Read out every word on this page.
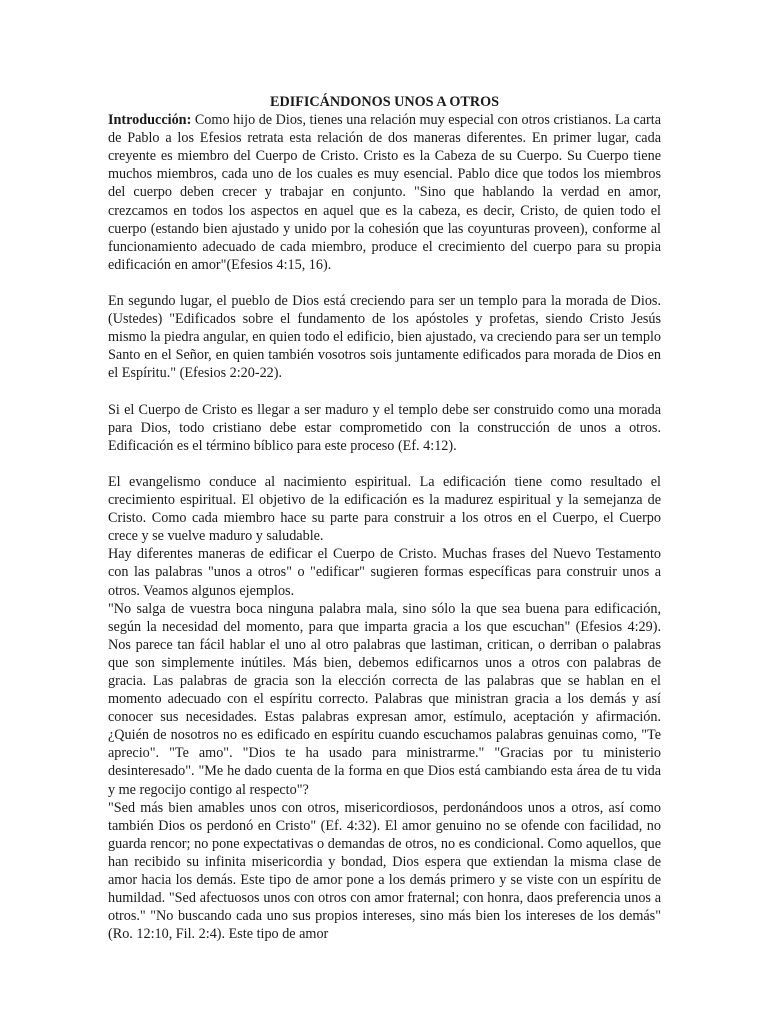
EDIFICÁNDONOS UNOS A OTROS

Introducción: Como hijo de Dios, tienes una relación muy especial con otros cristianos. La carta de Pablo a los Efesios retrata esta relación de dos maneras diferentes. En primer lugar, cada creyente es miembro del Cuerpo de Cristo. Cristo es la Cabeza de su Cuerpo. Su Cuerpo tiene muchos miembros, cada uno de los cuales es muy esencial. Pablo dice que todos los miembros del cuerpo deben crecer y trabajar en conjunto. "Sino que hablando la verdad en amor, crezcamos en todos los aspectos en aquel que es la cabeza, es decir, Cristo, de quien todo el cuerpo (estando bien ajustado y unido por la cohesión que las coyunturas proveen), conforme al funcionamiento adecuado de cada miembro, produce el crecimiento del cuerpo para su propia edificación en amor"(Efesios 4:15, 16).

En segundo lugar, el pueblo de Dios está creciendo para ser un templo para la morada de Dios. (Ustedes) "Edificados sobre el fundamento de los apóstoles y profetas, siendo Cristo Jesús mismo la piedra angular, en quien todo el edificio, bien ajustado, va creciendo para ser un templo Santo en el Señor, en quien también vosotros sois juntamente edificados para morada de Dios en el Espíritu." (Efesios 2:20-22).

Si el Cuerpo de Cristo es llegar a ser maduro y el templo debe ser construido como una morada para Dios, todo cristiano debe estar comprometido con la construcción de unos a otros. Edificación es el término bíblico para este proceso (Ef. 4:12).

El evangelismo conduce al nacimiento espiritual. La edificación tiene como resultado el crecimiento espiritual. El objetivo de la edificación es la madurez espiritual y la semejanza de Cristo. Como cada miembro hace su parte para construir a los otros en el Cuerpo, el Cuerpo crece y se vuelve maduro y saludable.

Hay diferentes maneras de edificar el Cuerpo de Cristo. Muchas frases del Nuevo Testamento con las palabras "unos a otros" o "edificar" sugieren formas específicas para construir unos a otros. Veamos algunos ejemplos.

"No salga de vuestra boca ninguna palabra mala, sino sólo la que sea buena para edificación, según la necesidad del momento, para que imparta gracia a los que escuchan" (Efesios 4:29). Nos parece tan fácil hablar el uno al otro palabras que lastiman, critican, o derriban o palabras que son simplemente inútiles. Más bien, debemos edificarnos unos a otros con palabras de gracia. Las palabras de gracia son la elección correcta de las palabras que se hablan en el momento adecuado con el espíritu correcto. Palabras que ministran gracia a los demás y así conocer sus necesidades. Estas palabras expresan amor, estímulo, aceptación y afirmación. ¿Quién de nosotros no es edificado en espíritu cuando escuchamos palabras genuinas como, "Te aprecio". "Te amo". "Dios te ha usado para ministrarme." "Gracias por tu ministerio desinteresado". "Me he dado cuenta de la forma en que Dios está cambiando esta área de tu vida y me regocijo contigo al respecto"?

"Sed más bien amables unos con otros, misericordiosos, perdonándoos unos a otros, así como también Dios os perdonó en Cristo" (Ef. 4:32). El amor genuino no se ofende con facilidad, no guarda rencor; no pone expectativas o demandas de otros, no es condicional. Como aquellos, que han recibido su infinita misericordia y bondad, Dios espera que extiendan la misma clase de amor hacia los demás. Este tipo de amor pone a los demás primero y se viste con un espíritu de humildad. "Sed afectuosos unos con otros con amor fraternal; con honra, daos preferencia unos a otros." "No buscando cada uno sus propios intereses, sino más bien los intereses de los demás" (Ro. 12:10, Fil. 2:4). Este tipo de amor
